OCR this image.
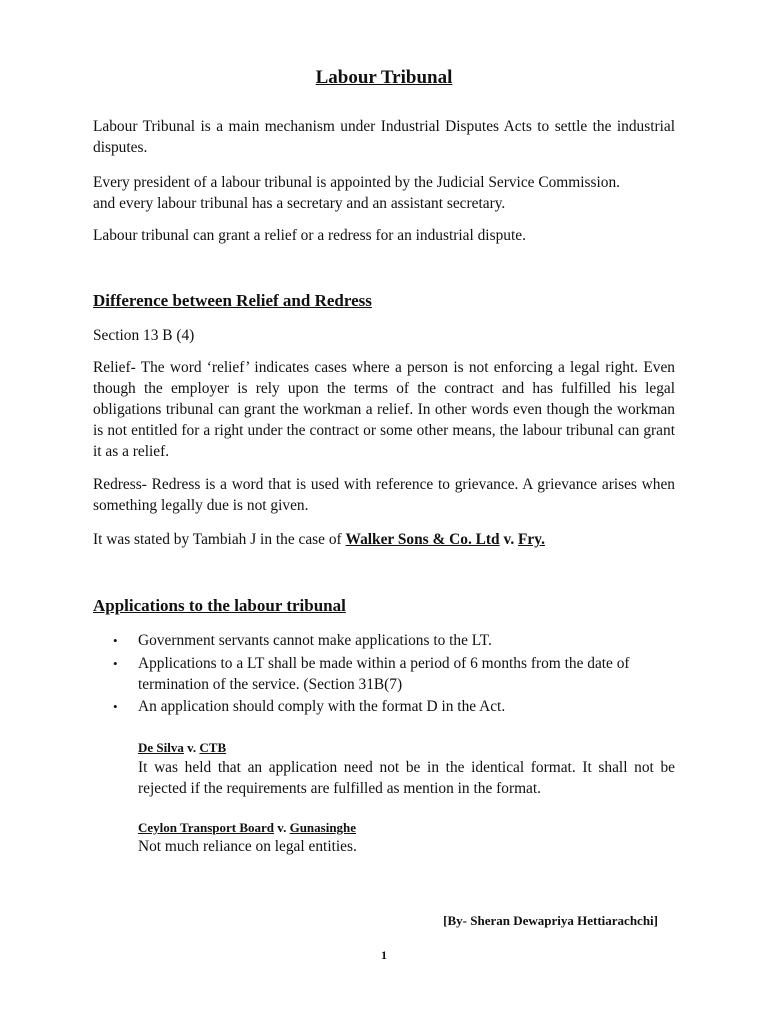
Labour Tribunal

Labour Tribunal is a main mechanism under Industrial Disputes Acts to settle the industrial disputes.

Every president of a labour tribunal is appointed by the Judicial Service Commission.
and every labour tribunal has a secretary and an assistant secretary.

Labour tribunal can grant a relief or a redress for an industrial dispute.

Difference between Relief and Redress

Section 13 B (4)

Relief- The word ‘relief’ indicates cases where a person is not enforcing a legal right. Even though the employer is rely upon the terms of the contract and has fulfilled his legal obligations tribunal can grant the workman a relief. In other words even though the workman is not entitled for a right under the contract or some other means, the labour tribunal can grant it as a relief.

Redress- Redress is a word that is used with reference to grievance. A grievance arises when something legally due is not given.

It was stated by Tambiah J in the case of Walker Sons & Co. Ltd v. Fry.

Applications to the labour tribunal
• Government servants cannot make applications to the LT.
• Applications to a LT shall be made within a period of 6 months from the date of termination of the service. (Section 31B(7)
• An application should comply with the format D in the Act.
De Silva v. CTB

It was held that an application need not be in the identical format. It shall not be rejected if the requirements are fulfilled as mention in the format.

Ceylon Transport Board v. Gunasinghe

Not much reliance on legal entities.

[By- Sheran Dewapriya Hettiarachchi]
1
